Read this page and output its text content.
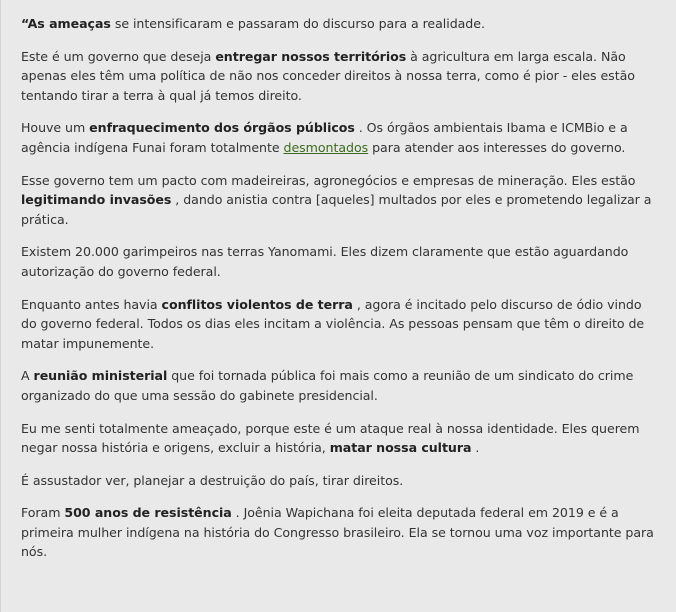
“As ameaças se intensificaram e passaram do discurso para a realidade.

Este é um governo que deseja entregar nossos territórios à agricultura em larga escala. Não apenas eles têm uma política de não nos conceder direitos à nossa terra, como é pior - eles estão tentando tirar a terra à qual já temos direito.

Houve um enfraquecimento dos órgãos públicos . Os órgãos ambientais Ibama e ICMBio e a agência indígena Funai foram totalmente desmontados para atender aos interesses do governo.

Esse governo tem um pacto com madeireiras, agronegócios e empresas de mineração. Eles estão legitimando invasões , dando anistia contra [aqueles] multados por eles e prometendo legalizar a prática.

Existem 20.000 garimpeiros nas terras Yanomami. Eles dizem claramente que estão aguardando autorização do governo federal.

Enquanto antes havia conflitos violentos de terra , agora é incitado pelo discurso de ódio vindo do governo federal. Todos os dias eles incitam a violência. As pessoas pensam que têm o direito de matar impunemente.

A reunião ministerial que foi tornada pública foi mais como a reunião de um sindicato do crime organizado do que uma sessão do gabinete presidencial.

Eu me senti totalmente ameaçado, porque este é um ataque real à nossa identidade. Eles querem negar nossa história e origens, excluir a história, matar nossa cultura .

É assustador ver, planejar a destruição do país, tirar direitos.

Foram 500 anos de resistência . Joênia Wapichana foi eleita deputada federal em 2019 e é a primeira mulher indígena na história do Congresso brasileiro. Ela se tornou uma voz importante para nós.
